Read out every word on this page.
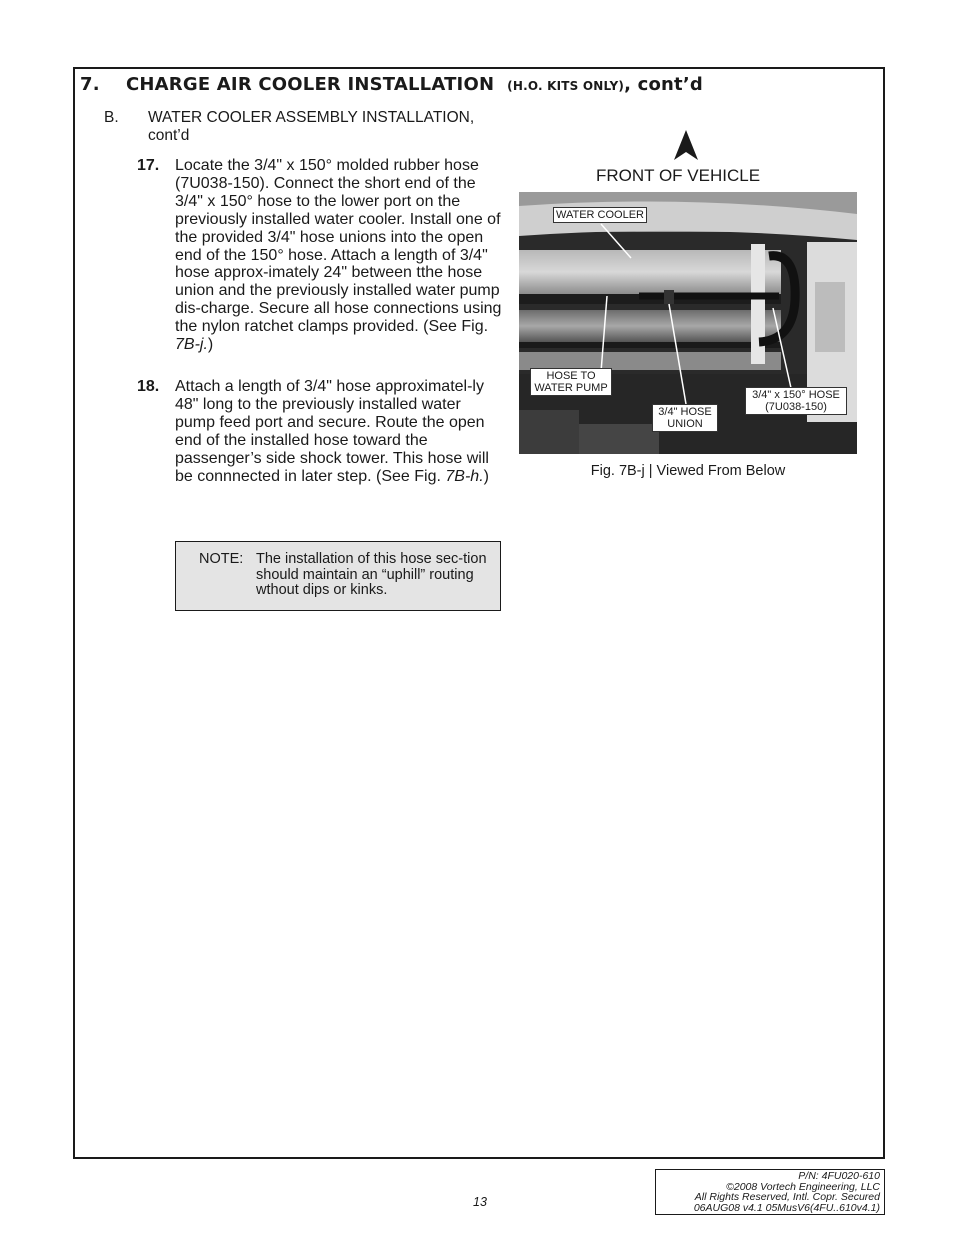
7. CHARGE AIR COOLER INSTALLATION (H.O. KITS ONLY), cont’d
B. WATER COOLER ASSEMBLY INSTALLATION, cont’d
17. Locate the 3/4" x 150° molded rubber hose (7U038-150). Connect the short end of the 3/4" x 150° hose to the lower port on the previously installed water cooler. Install one of the provided 3/4" hose unions into the open end of the 150° hose. Attach a length of 3/4" hose approx-imately 24" between tthe hose union and the previously installed water pump dis-charge. Secure all hose connections using the nylon ratchet clamps provided. (See Fig. 7B-j.)
18. Attach a length of 3/4" hose approximatel-ly 48" long to the previously installed water pump feed port and secure. Route the open end of the installed hose toward the passenger’s side shock tower. This hose will be connnected in later step. (See Fig. 7B-h.)
NOTE: The installation of this hose sec-tion should maintain an “uphill” routing wthout dips or kinks.
FRONT OF VEHICLE
WATER COOLER
HOSE TO WATER PUMP
3/4" HOSE UNION
3/4" x 150° HOSE (7U038-150)
Fig. 7B-j | Viewed From Below
13
P/N: 4FU020-610
©2008 Vortech Engineering, LLC
All Rights Reserved, Intl. Copr. Secured
06AUG08 v4.1 05MusV6(4FU..610v4.1)
